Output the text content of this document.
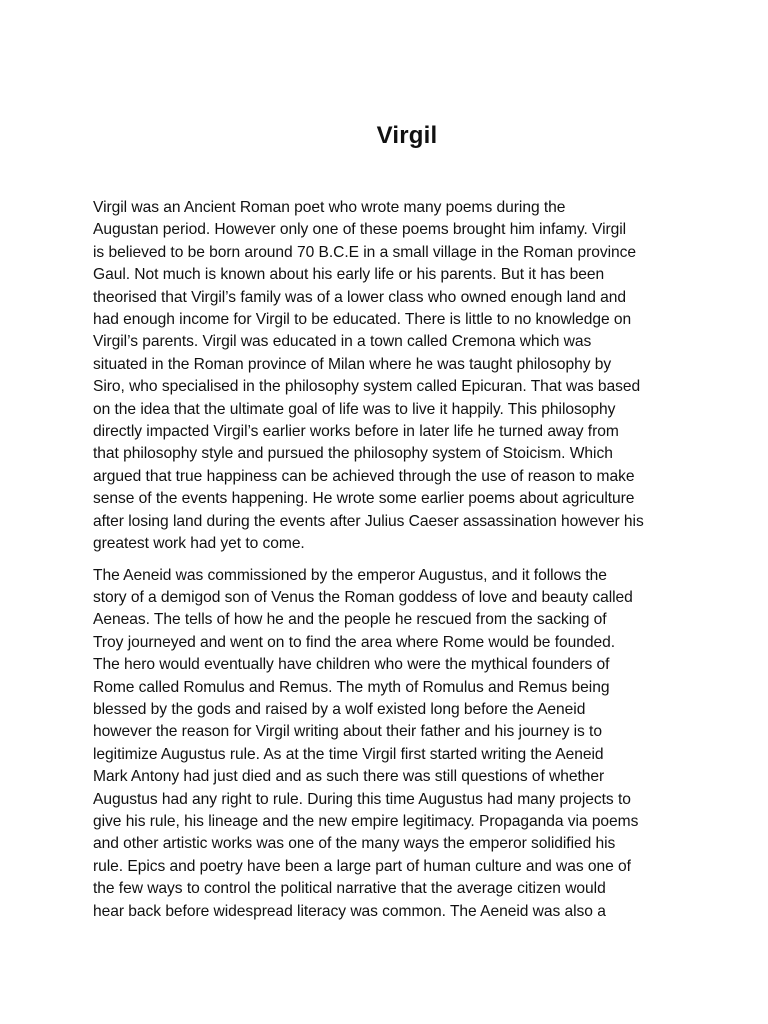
Virgil

Virgil was an Ancient Roman poet who wrote many poems during the
Augustan period. However only one of these poems brought him infamy. Virgil
is believed to be born around 70 B.C.E in a small village in the Roman province
Gaul. Not much is known about his early life or his parents. But it has been
theorised that Virgil’s family was of a lower class who owned enough land and
had enough income for Virgil to be educated. There is little to no knowledge on
Virgil’s parents. Virgil was educated in a town called Cremona which was
situated in the Roman province of Milan where he was taught philosophy by
Siro, who specialised in the philosophy system called Epicuran. That was based
on the idea that the ultimate goal of life was to live it happily. This philosophy
directly impacted Virgil’s earlier works before in later life he turned away from
that philosophy style and pursued the philosophy system of Stoicism. Which
argued that true happiness can be achieved through the use of reason to make
sense of the events happening. He wrote some earlier poems about agriculture
after losing land during the events after Julius Caeser assassination however his
greatest work had yet to come.

The Aeneid was commissioned by the emperor Augustus, and it follows the
story of a demigod son of Venus the Roman goddess of love and beauty called
Aeneas. The tells of how he and the people he rescued from the sacking of
Troy journeyed and went on to find the area where Rome would be founded.
The hero would eventually have children who were the mythical founders of
Rome called Romulus and Remus. The myth of Romulus and Remus being
blessed by the gods and raised by a wolf existed long before the Aeneid
however the reason for Virgil writing about their father and his journey is to
legitimize Augustus rule. As at the time Virgil first started writing the Aeneid
Mark Antony had just died and as such there was still questions of whether
Augustus had any right to rule. During this time Augustus had many projects to
give his rule, his lineage and the new empire legitimacy. Propaganda via poems
and other artistic works was one of the many ways the emperor solidified his
rule. Epics and poetry have been a large part of human culture and was one of
the few ways to control the political narrative that the average citizen would
hear back before widespread literacy was common. The Aeneid was also a
